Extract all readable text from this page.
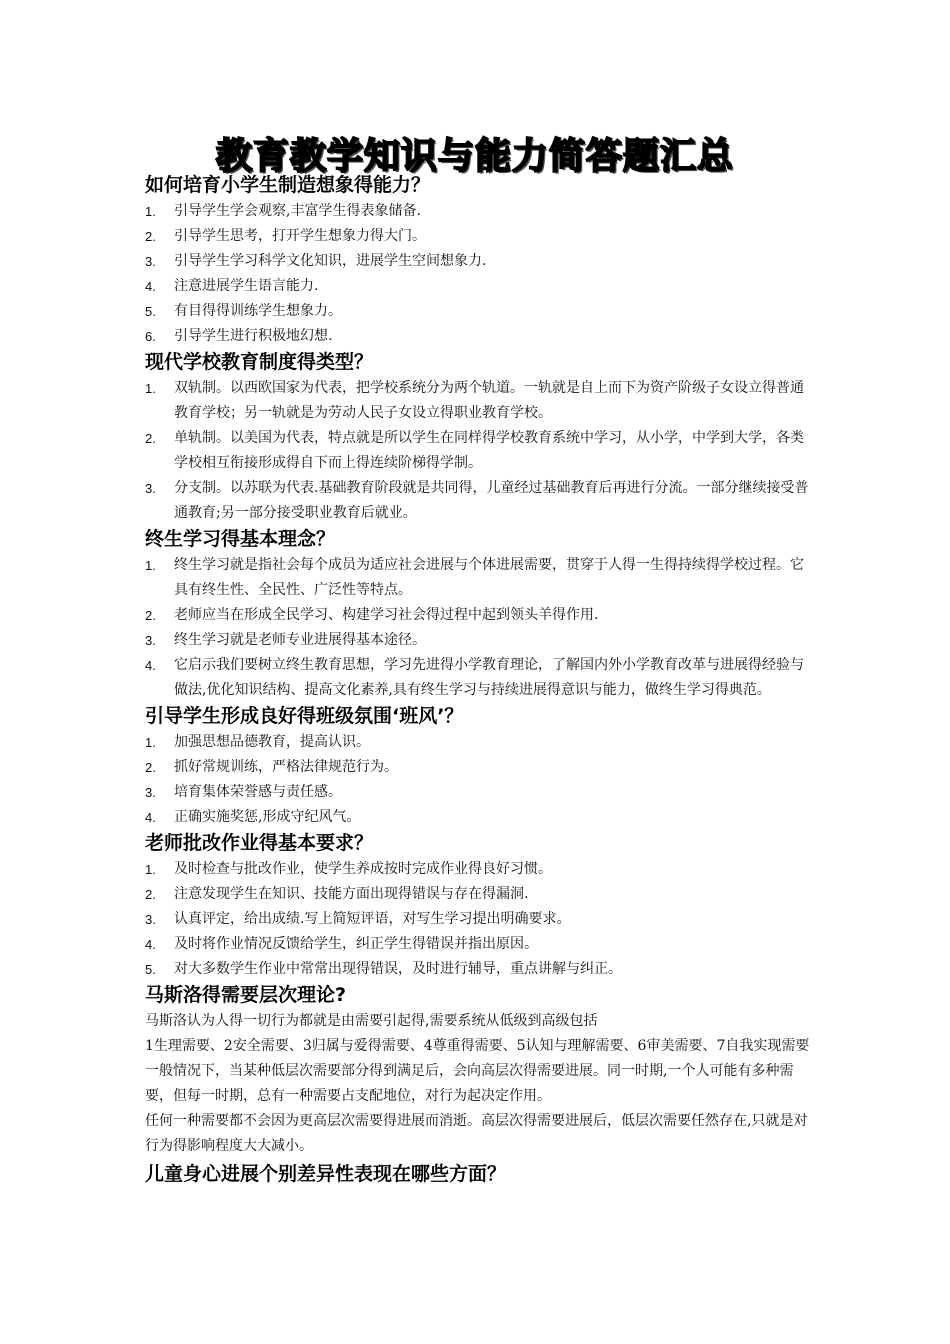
教育教学知识与能力简答题汇总
如何培育小学生制造想象得能力？
1.	引导学生学会观察,丰富学生得表象储备.
2.	引导学生思考，打开学生想象力得大门。
3.	引导学生学习科学文化知识，进展学生空间想象力.
4.	注意进展学生语言能力.
5.	有目得得训练学生想象力。
6.	引导学生进行积极地幻想.
现代学校教育制度得类型？
1.	双轨制。以西欧国家为代表，把学校系统分为两个轨道。一轨就是自上而下为资产阶级子女设立得普通教育学校；另一轨就是为劳动人民子女设立得职业教育学校。
2.	单轨制。以美国为代表，特点就是所以学生在同样得学校教育系统中学习，从小学，中学到大学，各类学校相互衔接形成得自下而上得连续阶梯得学制。
3.	分支制。以苏联为代表.基础教育阶段就是共同得，儿童经过基础教育后再进行分流。一部分继续接受普通教育;另一部分接受职业教育后就业。
终生学习得基本理念？
1.	终生学习就是指社会每个成员为适应社会进展与个体进展需要，贯穿于人得一生得持续得学校过程。它具有终生性、全民性、广泛性等特点。
2.	老师应当在形成全民学习、构建学习社会得过程中起到领头羊得作用.
3.	终生学习就是老师专业进展得基本途径。
4.	它启示我们要树立终生教育思想，学习先进得小学教育理论，了解国内外小学教育改革与进展得经验与做法,优化知识结构、提高文化素养,具有终生学习与持续进展得意识与能力，做终生学习得典范。
引导学生形成良好得班级氛围‘班风’？
1.	加强思想品德教育，提高认识。
2.	抓好常规训练，严格法律规范行为。
3.	培育集体荣誉感与责任感。
4.	正确实施奖惩,形成守纪风气。
老师批改作业得基本要求？
1.	及时检查与批改作业，使学生养成按时完成作业得良好习惯。
2.	注意发现学生在知识、技能方面出现得错误与存在得漏洞.
3.	认真评定，给出成绩.写上简短评语，对写生学习提出明确要求。
4.	及时将作业情况反馈给学生，纠正学生得错误并指出原因。
5.	对大多数学生作业中常常出现得错误，及时进行辅导，重点讲解与纠正。
马斯洛得需要层次理论?

马斯洛认为人得一切行为都就是由需要引起得,需要系统从低级到高级包括

1生理需要、2安全需要、3归属与爱得需要、4尊重得需要、5认知与理解需要、6审美需要、7自我实现需要

一般情况下，当某种低层次需要部分得到满足后，会向高层次得需要进展。同一时期,一个人可能有多种需要，但每一时期，总有一种需要占支配地位，对行为起决定作用。

任何一种需要都不会因为更高层次需要得进展而消逝。高层次得需要进展后，低层次需要任然存在,只就是对行为得影响程度大大减小。

儿童身心进展个别差异性表现在哪些方面？
